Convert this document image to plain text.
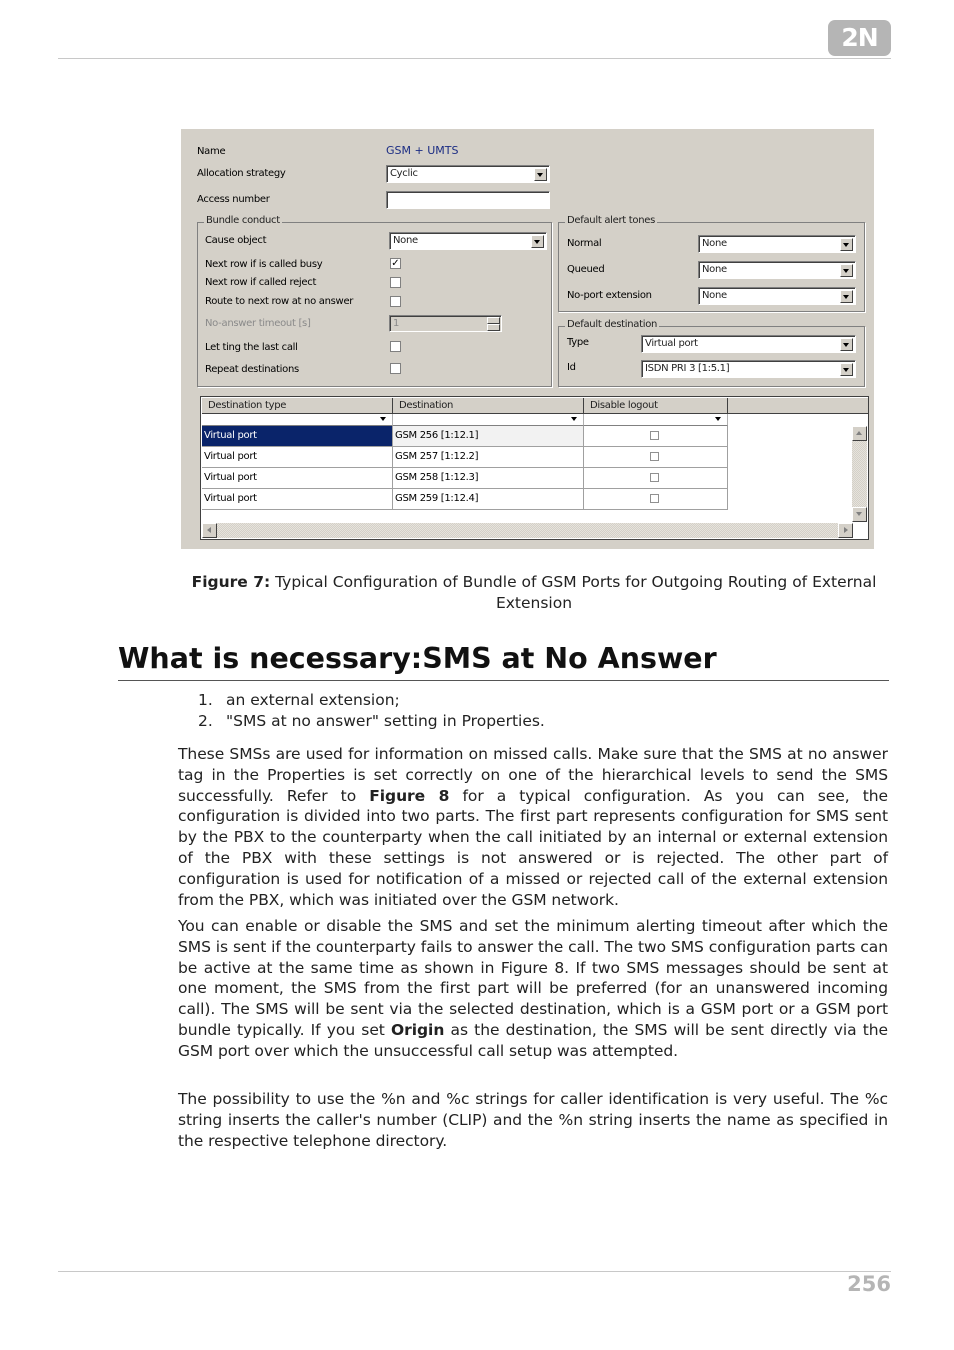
2N
Name	GSM + UMTS
Allocation strategy	Cyclic
Access number
Bundle conduct
Cause object	None
Next row if is called busy	✓
Next row if called reject
Route to next row at no answer
No-answer timeout [s]	1
Let ting the last call
Repeat destinations
Default alert tones
Normal	None
Queued	None
No-port extension	None
Default destination
Type	Virtual port
Id	ISDN PRI 3 [1:5.1]
Destination type	Destination	Disable logout
Virtual port	GSM 256 [1:12.1]
Virtual port	GSM 257 [1:12.2]
Virtual port	GSM 258 [1:12.3]
Virtual port	GSM 259 [1:12.4]
Figure 7: Typical Configuration of Bundle of GSM Ports for Outgoing Routing of External Extension
What is necessary:SMS at No Answer
1. an external extension;
2. "SMS at no answer" setting in Properties.
These SMSs are used for information on missed calls. Make sure that the SMS at no answer tag in the Properties is set correctly on one of the hierarchical levels to send the SMS successfully. Refer to Figure 8 for a typical configuration. As you can see, the configuration is divided into two parts. The first part represents configuration for SMS sent by the PBX to the counterparty when the call initiated by an internal or external extension of the PBX with these settings is not answered or is rejected. The other part of configuration is used for notification of a missed or rejected call of the external extension from the PBX, which was initiated over the GSM network.
You can enable or disable the SMS and set the minimum alerting timeout after which the SMS is sent if the counterparty fails to answer the call. The two SMS configuration parts can be active at the same time as shown in Figure 8. If two SMS messages should be sent at one moment, the SMS from the first part will be preferred (for an unanswered incoming call). The SMS will be sent via the selected destination, which is a GSM port or a GSM port bundle typically. If you set Origin as the destination, the SMS will be sent directly via the GSM port over which the unsuccessful call setup was attempted.
The possibility to use the %n and %c strings for caller identification is very useful. The %c string inserts the caller's number (CLIP) and the %n string inserts the name as specified in the respective telephone directory.
256
